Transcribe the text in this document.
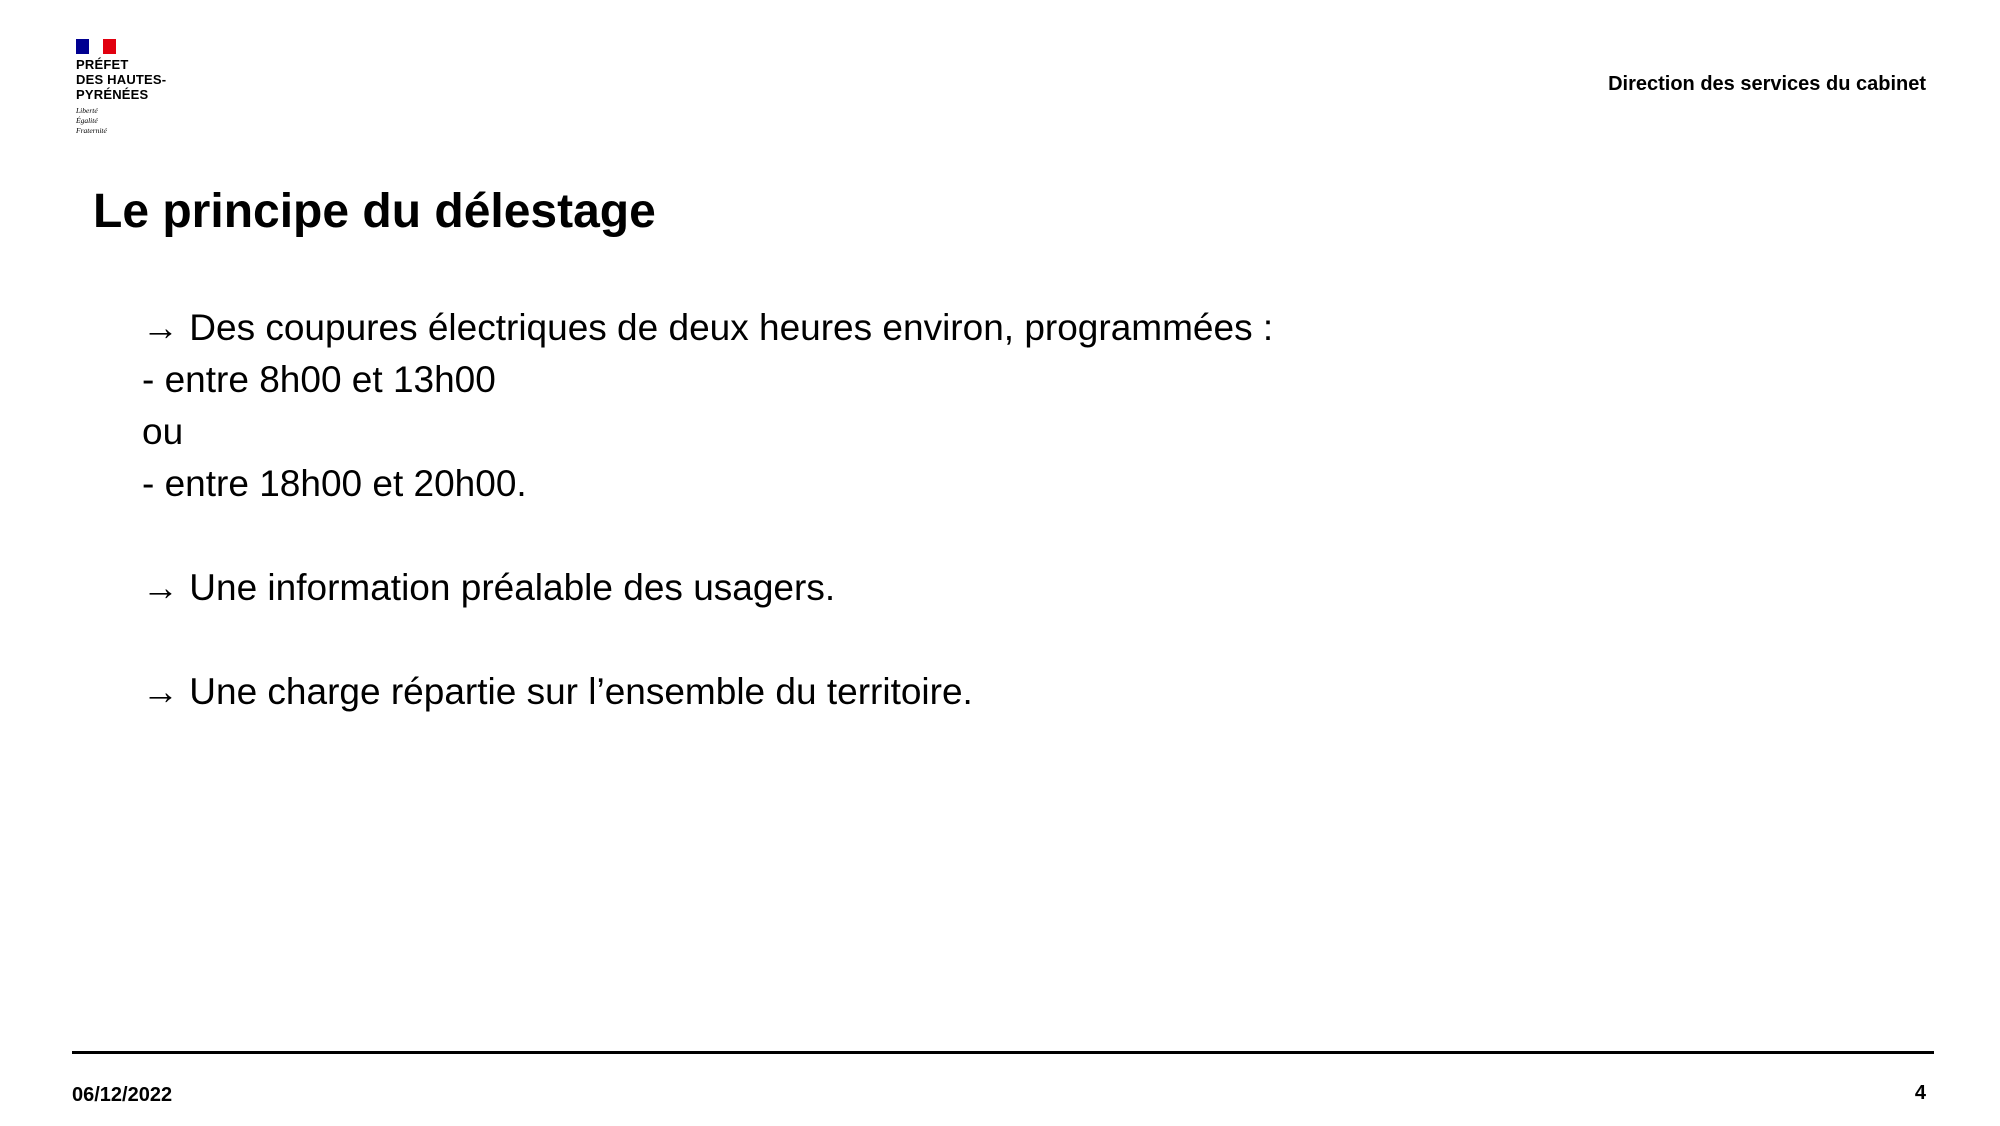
PRÉFET
DES HAUTES-
PYRÉNÉES
Liberté
Égalité
Fraternité
Direction des services du cabinet
Le principe du délestage
→ Des coupures électriques de deux heures environ, programmées :
- entre 8h00 et 13h00
ou
- entre 18h00 et 20h00.
→ Une information préalable des usagers.
→ Une charge répartie sur l’ensemble du territoire.
06/12/2022	4
